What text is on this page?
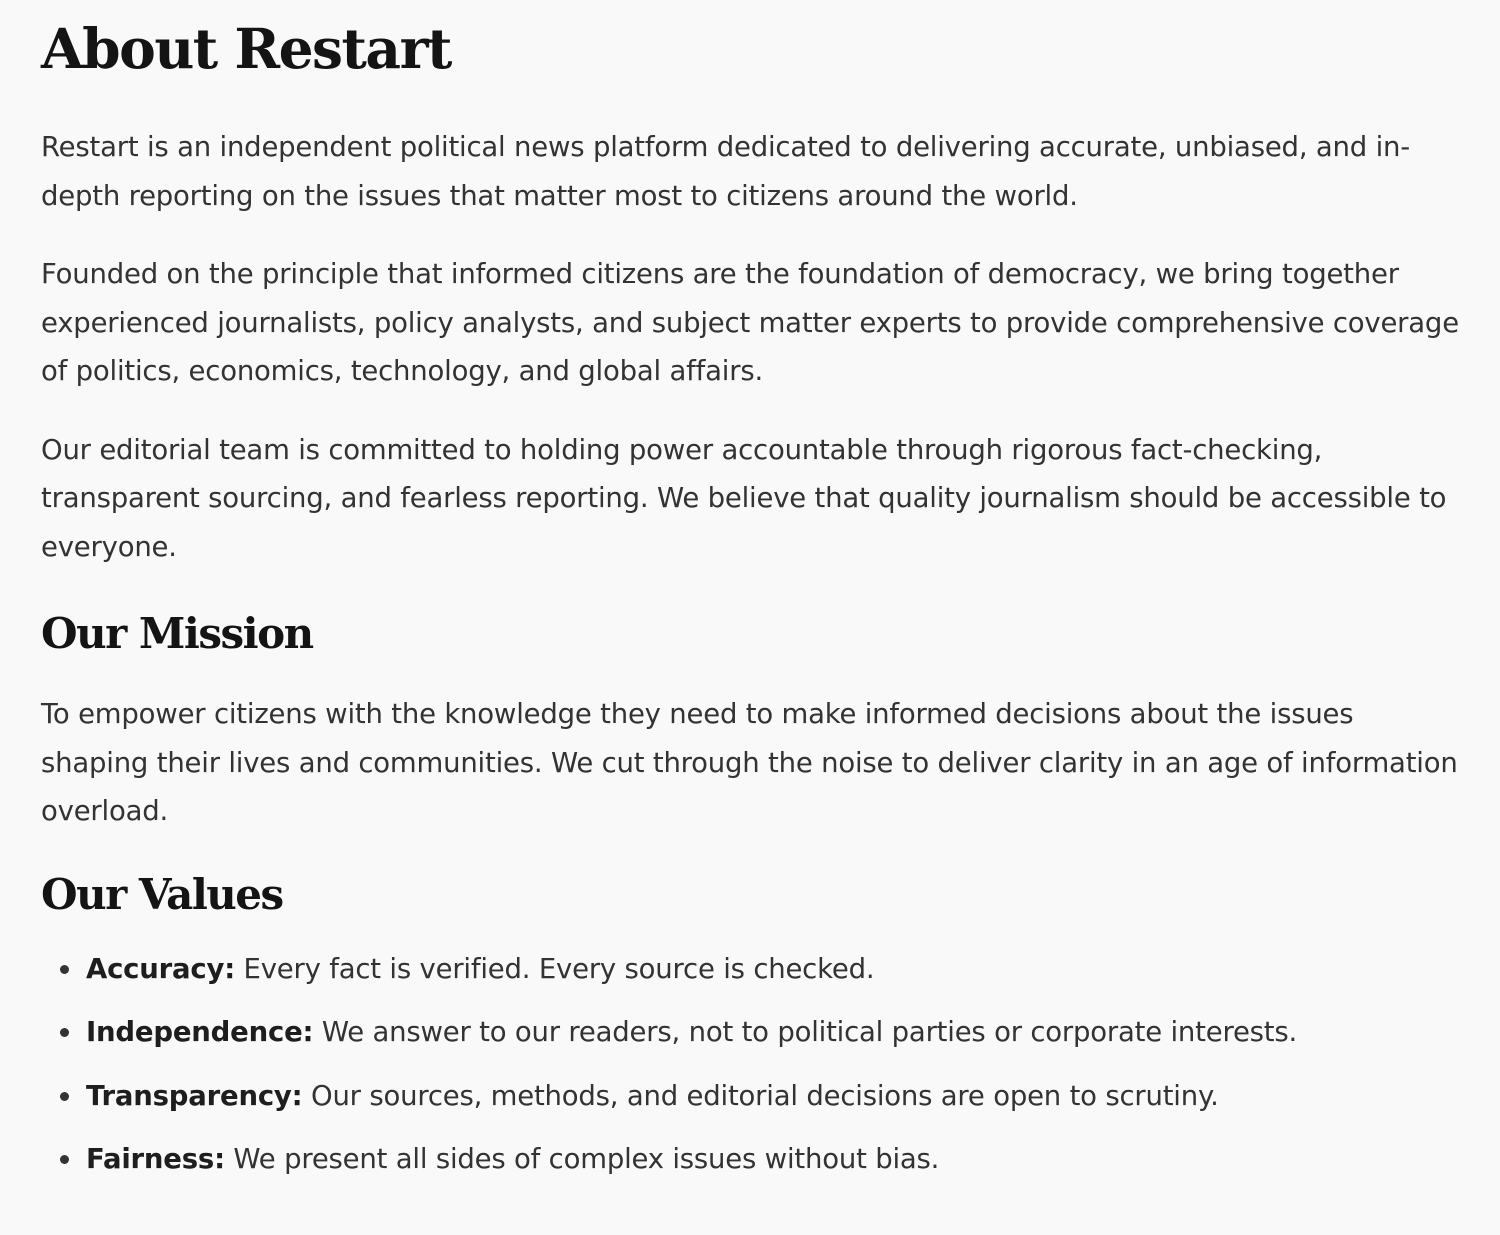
About Restart

Restart is an independent political news platform dedicated to delivering accurate, unbiased, and in-depth reporting on the issues that matter most to citizens around the world.

Founded on the principle that informed citizens are the foundation of democracy, we bring together experienced journalists, policy analysts, and subject matter experts to provide comprehensive coverage of politics, economics, technology, and global affairs.

Our editorial team is committed to holding power accountable through rigorous fact-checking, transparent sourcing, and fearless reporting. We believe that quality journalism should be accessible to everyone.

Our Mission

To empower citizens with the knowledge they need to make informed decisions about the issues shaping their lives and communities. We cut through the noise to deliver clarity in an age of information overload.

Our Values
Accuracy: Every fact is verified. Every source is checked.
Independence: We answer to our readers, not to political parties or corporate interests.
Transparency: Our sources, methods, and editorial decisions are open to scrutiny.
Fairness: We present all sides of complex issues without bias.
